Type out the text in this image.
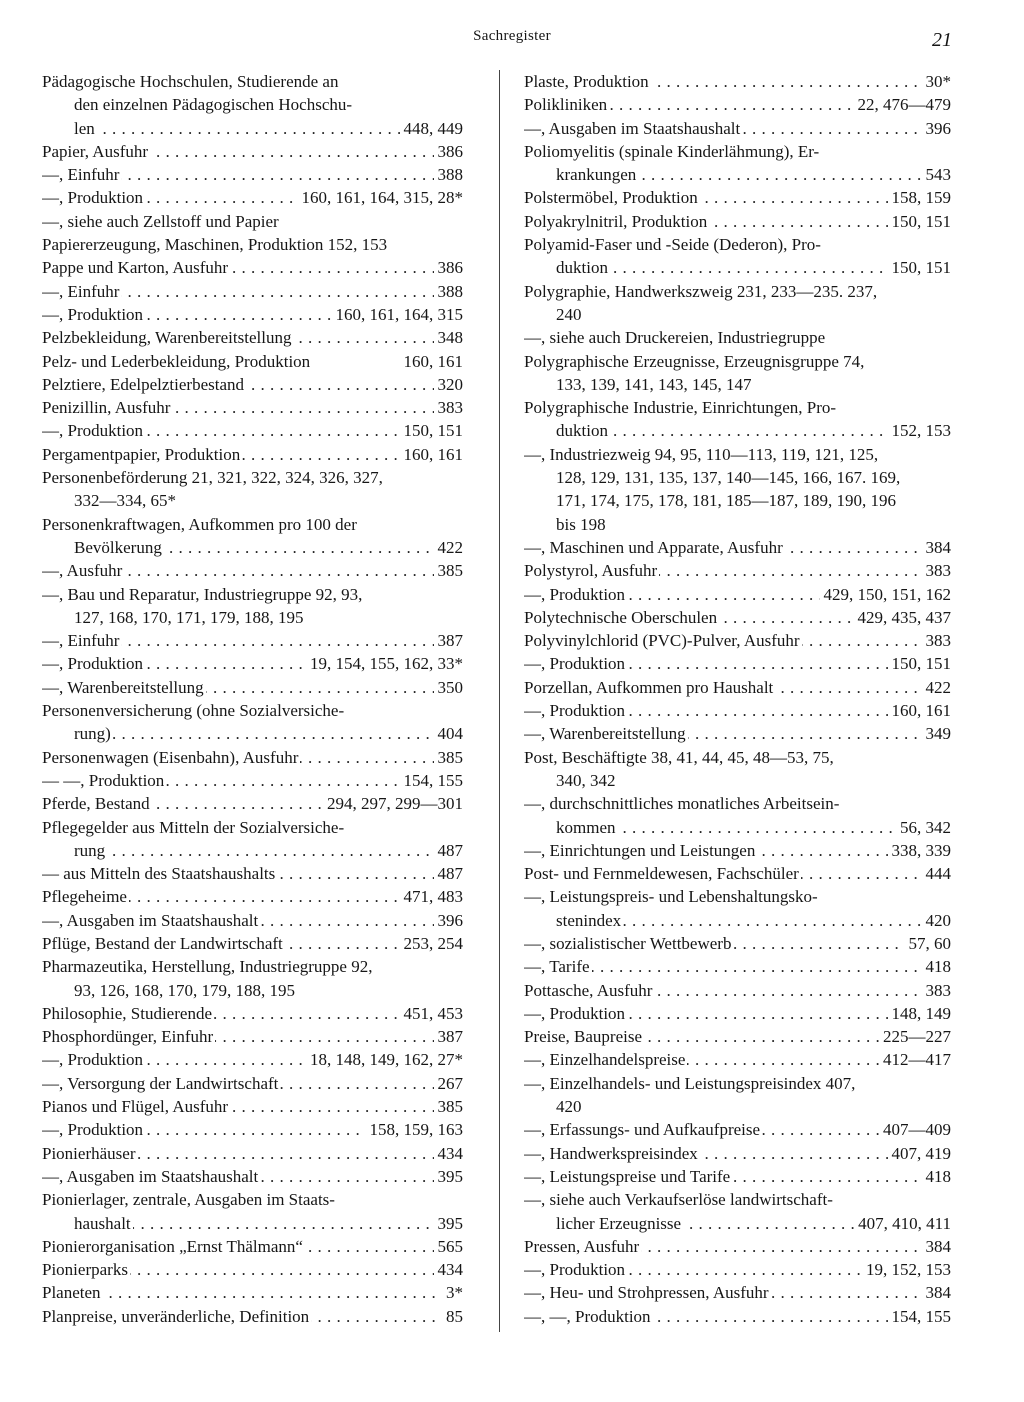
Sachregister	21
Pädagogische Hochschulen, Studierende an
den einzelnen Pädagogischen Hochschu-
. . . len	448, 449
. . . Papier, Ausfuhr	386
. . . —, Einfuhr	388
. . . —, Produktion	160, 161, 164, 315, 28*
—, siehe auch Zellstoff und Papier
Papiererzeugung, Maschinen, Produktion 152, 153
. . . Pappe und Karton, Ausfuhr	386
. . . —, Einfuhr	388
. . . —, Produktion	160, 161, 164, 315
. . . Pelzbekleidung, Warenbereitstellung	348
Pelz- und Lederbekleidung, Produktion	160, 161
. . . Pelztiere, Edelpelztierbestand	320
. . . Penizillin, Ausfuhr	383
. . . —, Produktion	150, 151
. . . Pergamentpapier, Produktion	160, 161
Personenbeförderung 21, 321, 322, 324, 326, 327,
332—334, 65*
Personenkraftwagen, Aufkommen pro 100 der
. . . Bevölkerung	422
. . . —, Ausfuhr	385
—, Bau und Reparatur, Industriegruppe 92, 93,
127, 168, 170, 171, 179, 188, 195
. . . —, Einfuhr	387
. . . —, Produktion	19, 154, 155, 162, 33*
. . . —, Warenbereitstellung	350
Personenversicherung (ohne Sozialversiche-
. . . rung)	404
. . . Personenwagen (Eisenbahn), Ausfuhr	385
. . . — —, Produktion	154, 155
. . . Pferde, Bestand	294, 297, 299—301
Pflegegelder aus Mitteln der Sozialversiche-
. . . rung	487
. . . — aus Mitteln des Staatshaushalts	487
. . . Pflegeheime	471, 483
. . . —, Ausgaben im Staatshaushalt	396
. . . Pflüge, Bestand der Landwirtschaft	253, 254
Pharmazeutika, Herstellung, Industriegruppe 92,
93, 126, 168, 170, 179, 188, 195
. . . Philosophie, Studierende	451, 453
. . . Phosphordünger, Einfuhr	387
. . . —, Produktion	18, 148, 149, 162, 27*
. . . —, Versorgung der Landwirtschaft	267
. . . Pianos und Flügel, Ausfuhr	385
. . . —, Produktion	158, 159, 163
. . . Pionierhäuser	434
. . . —, Ausgaben im Staatshaushalt	395
Pionierlager, zentrale, Ausgaben im Staats-
. . . haushalt	395
. . . Pionierorganisation „Ernst Thälmann“	565
. . . Pionierparks	434
. . . Planeten	3*
. . . Planpreise, unveränderliche, Definition	85
. . . Plaste, Produktion	30*
. . . Polikliniken	22, 476—479
. . . —, Ausgaben im Staatshaushalt	396
Poliomyelitis (spinale Kinderlähmung), Er-
. . . krankungen	543
. . . Polstermöbel, Produktion	158, 159
. . . Polyakrylnitril, Produktion	150, 151
Polyamid-Faser und -Seide (Dederon), Pro-
. . . duktion	150, 151
Polygraphie, Handwerkszweig 231, 233—235. 237,
240
—, siehe auch Druckereien, Industriegruppe
Polygraphische Erzeugnisse, Erzeugnisgruppe 74,
133, 139, 141, 143, 145, 147
Polygraphische Industrie, Einrichtungen, Pro-
. . . duktion	152, 153
—, Industriezweig 94, 95, 110—113, 119, 121, 125,
128, 129, 131, 135, 137, 140—145, 166, 167. 169,
171, 174, 175, 178, 181, 185—187, 189, 190, 196
bis 198
. . . —, Maschinen und Apparate, Ausfuhr	384
. . . Polystyrol, Ausfuhr	383
. . . —, Produktion	429, 150, 151, 162
. . . Polytechnische Oberschulen	429, 435, 437
. . . Polyvinylchlorid (PVC)-Pulver, Ausfuhr	383
. . . —, Produktion	150, 151
. . . Porzellan, Aufkommen pro Haushalt	422
. . . —, Produktion	160, 161
. . . —, Warenbereitstellung	349
Post, Beschäftigte 38, 41, 44, 45, 48—53, 75,
340, 342
—, durchschnittliches monatliches Arbeitsein-
. . . kommen	56, 342
. . . —, Einrichtungen und Leistungen	338, 339
. . . Post- und Fernmeldewesen, Fachschüler	444
—, Leistungspreis- und Lebenshaltungsko-
. . . stenindex	420
. . . —, sozialistischer Wettbewerb	57, 60
. . . —, Tarife	418
. . . Pottasche, Ausfuhr	383
. . . —, Produktion	148, 149
. . . Preise, Baupreise	225—227
. . . —, Einzelhandelspreise	412—417
—, Einzelhandels- und Leistungspreisindex 407,
420
. . . —, Erfassungs- und Aufkaufpreise	407—409
. . . —, Handwerkspreisindex	407, 419
. . . —, Leistungspreise und Tarife	418
—, siehe auch Verkaufserlöse landwirtschaft-
. . . licher Erzeugnisse	407, 410, 411
. . . Pressen, Ausfuhr	384
. . . —, Produktion	19, 152, 153
. . . —, Heu- und Strohpressen, Ausfuhr	384
. . . —, —, Produktion	154, 155
